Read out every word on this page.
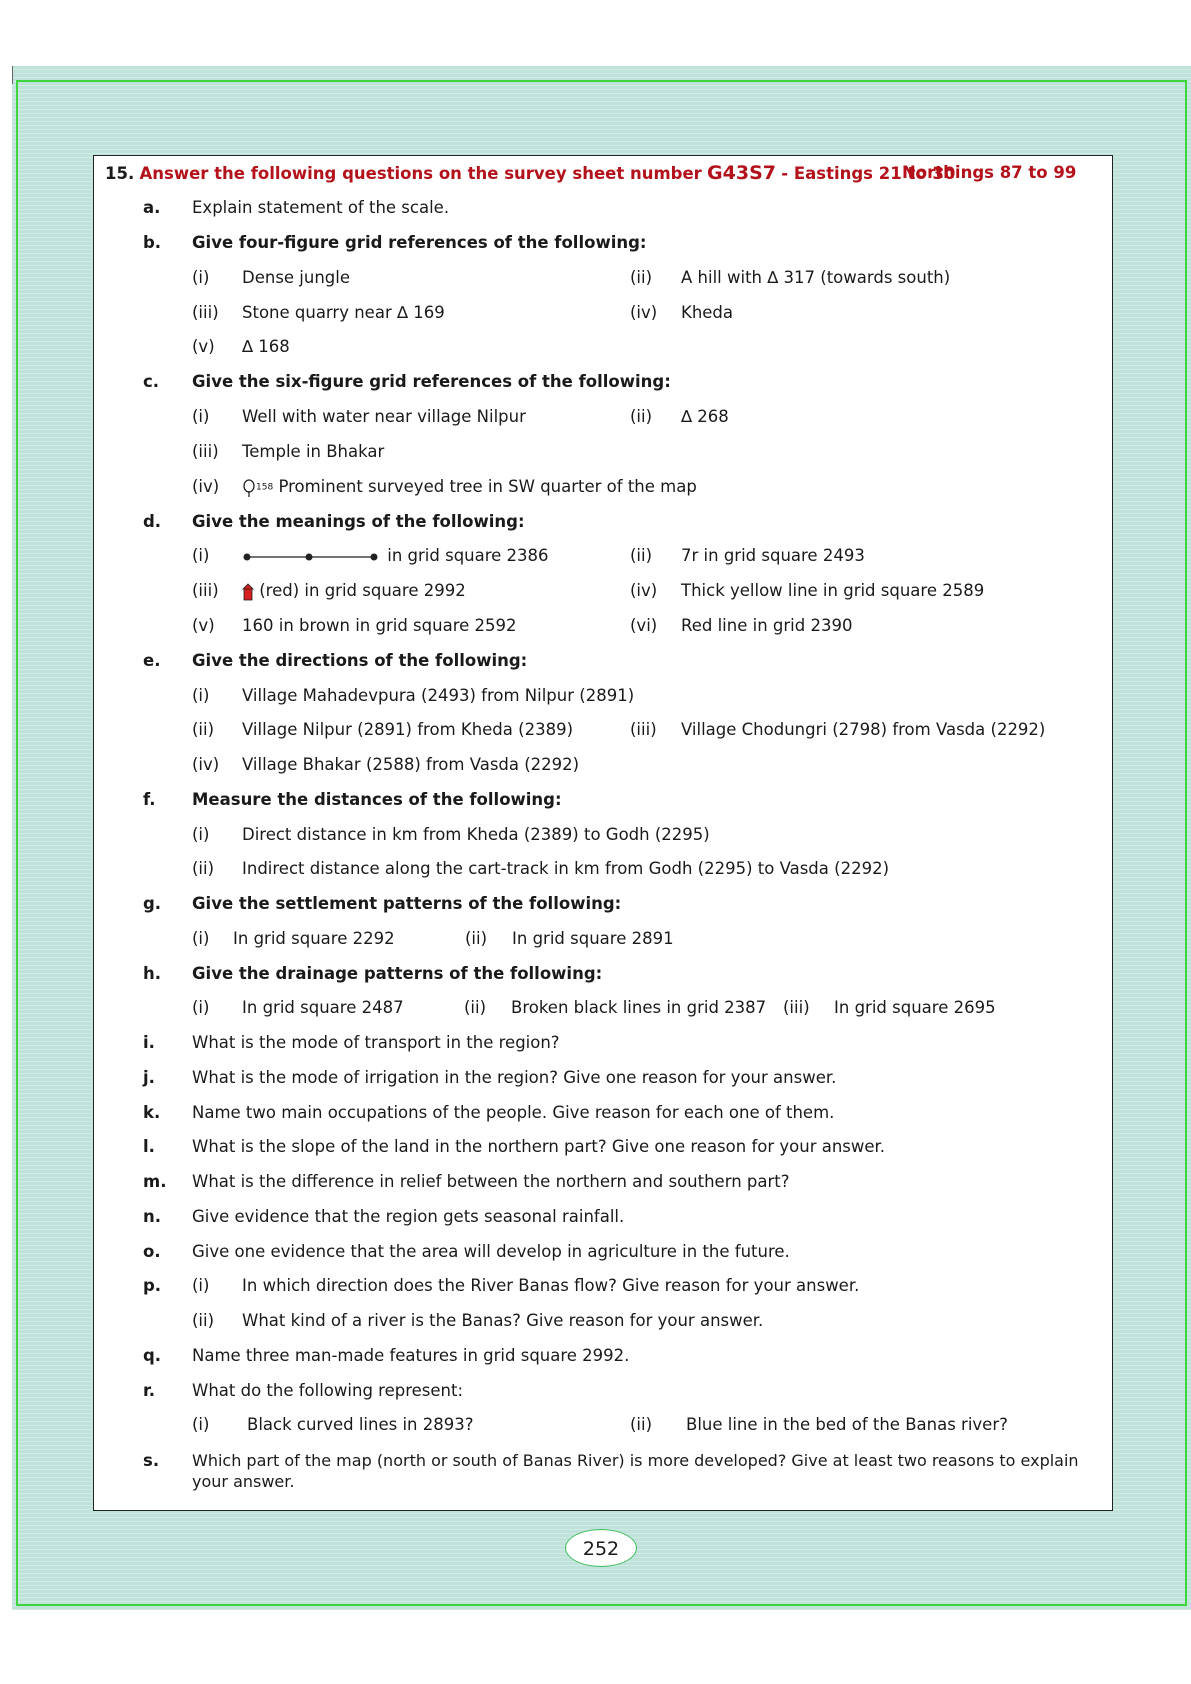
15. Answer the following questions on the survey sheet number G43S7 - Eastings 21 to 30
Northings 87 to 99
a. Explain statement of the scale.
b. Give four-figure grid references of the following:
(i) Dense jungle	(ii) A hill with ∆ 317 (towards south)
(iii) Stone quarry near ∆ 169	(iv) Kheda
(v) ∆ 168
c. Give the six-figure grid references of the following:
(i) Well with water near village Nilpur	(ii) ∆ 268
(iii) Temple in Bhakar
(iv)	158 Prominent surveyed tree in SW quarter of the map
d. Give the meanings of the following:
(i)	in grid square 2386	(ii) 7r in grid square 2493
(iii)	(red) in grid square 2992	(iv) Thick yellow line in grid square 2589
(v) 160 in brown in grid square 2592	(vi) Red line in grid 2390
e. Give the directions of the following:
(i) Village Mahadevpura (2493) from Nilpur (2891)
(ii) Village Nilpur (2891) from Kheda (2389)	(iii) Village Chodungri (2798) from Vasda (2292)
(iv) Village Bhakar (2588) from Vasda (2292)
f. Measure the distances of the following:
(i) Direct distance in km from Kheda (2389) to Godh (2295)
(ii) Indirect distance along the cart-track in km from Godh (2295) to Vasda (2292)
g. Give the settlement patterns of the following:
(i) In grid square 2292	(ii) In grid square 2891
h. Give the drainage patterns of the following:
(i) In grid square 2487	(ii) Broken black lines in grid 2387 (iii) In grid square 2695
i. What is the mode of transport in the region?
j. What is the mode of irrigation in the region? Give one reason for your answer.
k. Name two main occupations of the people. Give reason for each one of them.
l. What is the slope of the land in the northern part? Give one reason for your answer.
m. What is the difference in relief between the northern and southern part?
n. Give evidence that the region gets seasonal rainfall.
o. Give one evidence that the area will develop in agriculture in the future.
p. (i) In which direction does the River Banas flow? Give reason for your answer.
(ii) What kind of a river is the Banas? Give reason for your answer.
q. Name three man-made features in grid square 2992.
r. What do the following represent:
(i) Black curved lines in 2893?	(ii) Blue line in the bed of the Banas river?
s. Which part of the map (north or south of Banas River) is more developed? Give at least two reasons to explain
your answer.
252
